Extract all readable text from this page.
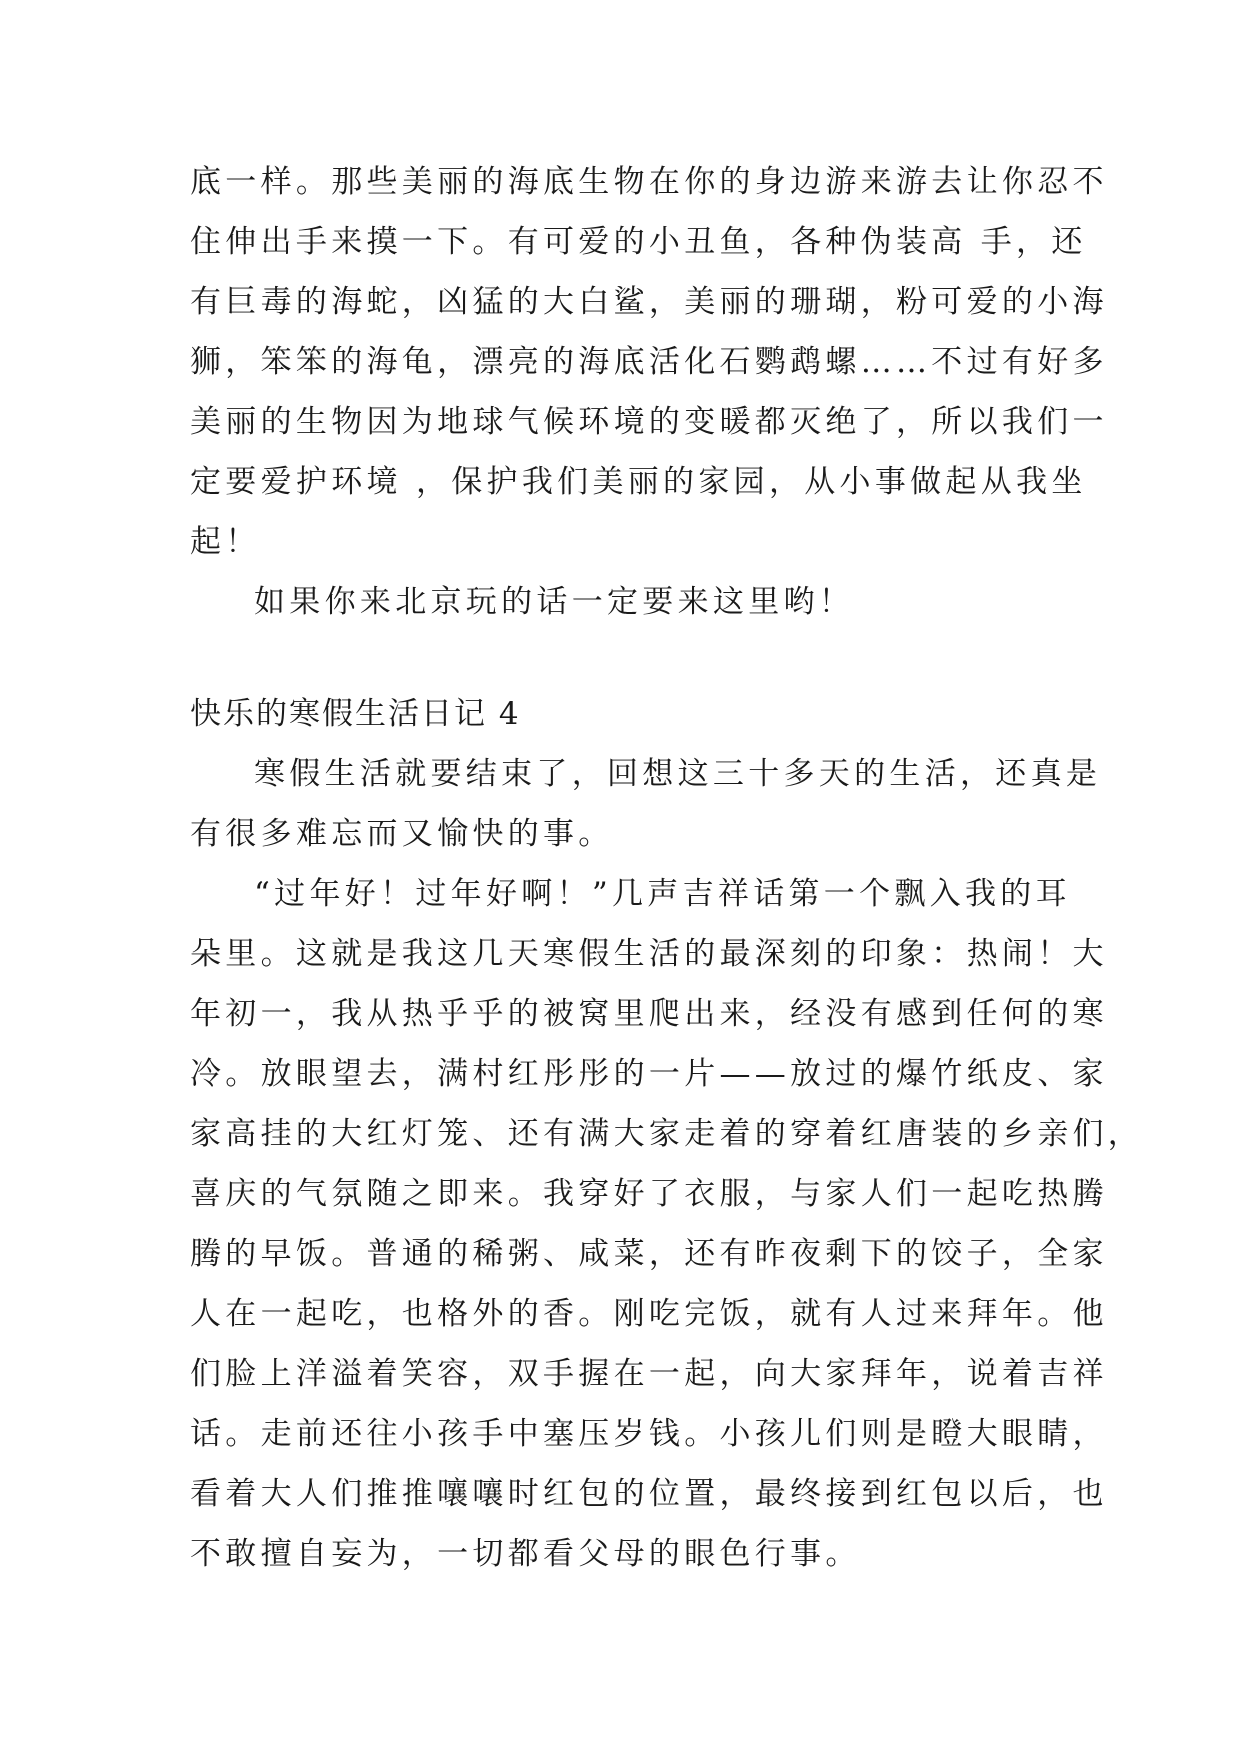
底一样。那些美丽的海底生物在你的身边游来游去让你忍不
住伸出手来摸一下。有可爱的小丑鱼，各种伪装高 手，还
有巨毒的海蛇，凶猛的大白鲨，美丽的珊瑚，粉可爱的小海
狮，笨笨的海龟，漂亮的海底活化石鹦鹉螺……不过有好多
美丽的生物因为地球气候环境的变暖都灭绝了，所以我们一
定要爱护环境 ，保护我们美丽的家园，从小事做起从我坐
起！
如果你来北京玩的话一定要来这里哟！
快乐的寒假生活日记 4
寒假生活就要结束了，回想这三十多天的生活，还真是
有很多难忘而又愉快的事。
“过年好！过年好啊！”几声吉祥话第一个飘入我的耳
朵里。这就是我这几天寒假生活的最深刻的印象：热闹！大
年初一，我从热乎乎的被窝里爬出来，经没有感到任何的寒
冷。放眼望去，满村红彤彤的一片——放过的爆竹纸皮、家
家高挂的大红灯笼、还有满大家走着的穿着红唐装的乡亲们，
喜庆的气氛随之即来。我穿好了衣服，与家人们一起吃热腾
腾的早饭。普通的稀粥、咸菜，还有昨夜剩下的饺子，全家
人在一起吃，也格外的香。刚吃完饭，就有人过来拜年。他
们脸上洋溢着笑容，双手握在一起，向大家拜年，说着吉祥
话。走前还往小孩手中塞压岁钱。小孩儿们则是瞪大眼睛，
看着大人们推推嚷嚷时红包的位置，最终接到红包以后，也
不敢擅自妄为，一切都看父母的眼色行事。
